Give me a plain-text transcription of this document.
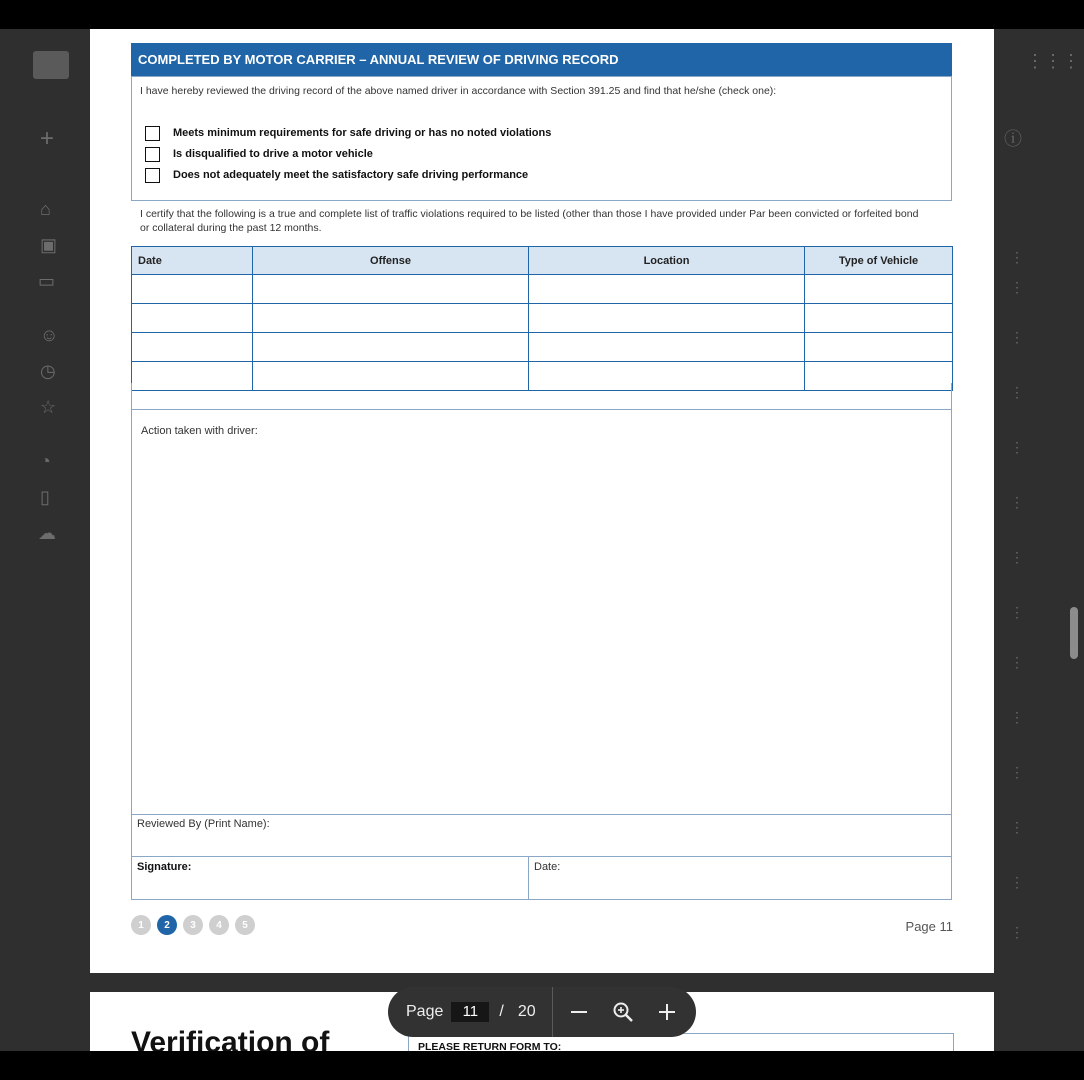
+
⌂
▣
▭
☺
◷
☆
◔
▯
☁
⋮⋮⋮
ⓘ
⋮
⋮
⋮
⋮
⋮
⋮
⋮
⋮
⋮
⋮
⋮
⋮
⋮
⋮
COMPLETED BY MOTOR CARRIER – ANNUAL REVIEW OF DRIVING RECORD
I have hereby reviewed the driving record of the above named driver in accordance with Section 391.25 and find that he/she (check one):
Meets minimum requirements for safe driving or has no noted violations
Is disqualified to drive a motor vehicle
Does not adequately meet the satisfactory safe driving performance
I certify that the following is a true and complete list of traffic violations required to be listed (other than those I have provided under Par been convicted or forfeited bond or collateral during the past 12 months.
Date	Offense	Location	Type of Vehicle

Action taken with driver:
Reviewed By (Print Name):
Signature:	Date:
1	2	3	4	5	Page 11
Verification of	PLEASE RETURN FORM TO:
Page	11	/ 20
